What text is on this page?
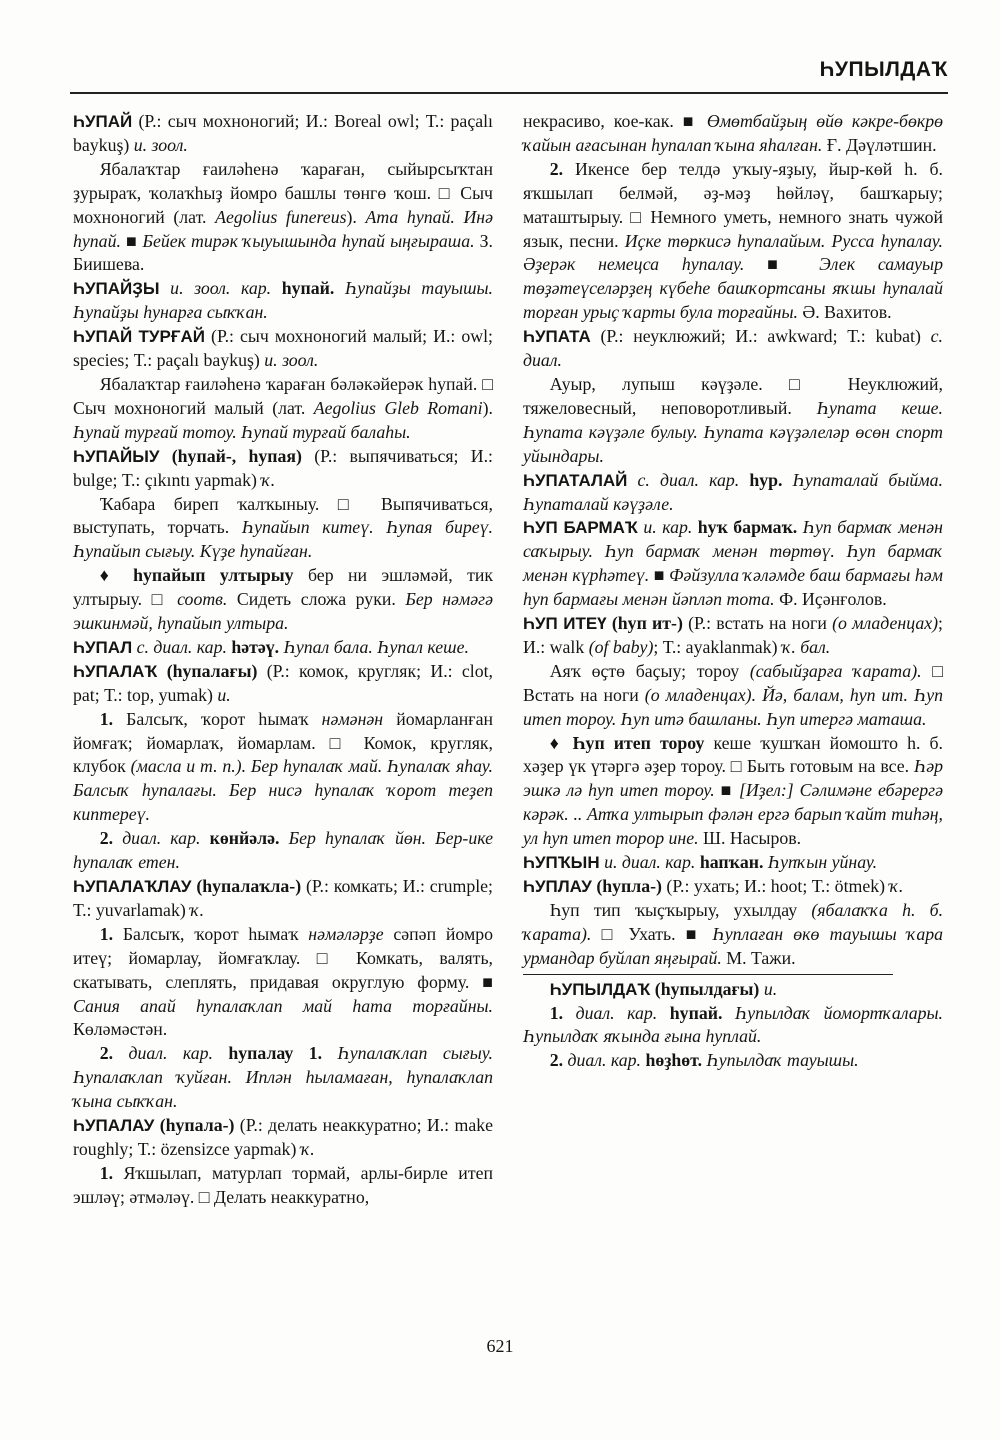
ҺУПЫЛДАҠ

ҺУПАЙ (Р.: сыч мохноногий; И.: Boreal owl; Т.: paçalı baykuş) и. зоол.

Ябалаҡтар ғаиләһенә ҡараған, сыйырсыҡтан ҙурыраҡ, ҡолаҡһыҙ йомро башлы төнгө ҡош. □ Сыч мохноногий (лат. Aegolius funereus). Ата һупай. Инә һупай. ■ Бейек тирәк ҡыуышында һупай ыңғыраша. З. Биишева.

ҺУПАЙҘЫ и. зоол. кар. һупай. Һупайҙы тауышы. Һупайҙы һунарға сыҡҡан.

ҺУПАЙ ТУРҒАЙ (Р.: сыч мохноногий малый; И.: owl; species; Т.: paçalı baykuş) и. зоол.

Ябалаҡтар ғаиләһенә ҡараған бәләкәйерәк һупай. □ Сыч мохноногий малый (лат. Aegolius Gleb Romani). Һупай турғай тотоу. Һупай турғай балаһы.

ҺУПАЙЫУ (һупай-, һупая) (Р.: выпячиваться; И.: bulge; Т.: çıkıntı yapmak) ҡ.

Ҡабара биреп ҡалҡыныу. □ Выпячиваться, выступать, торчать. Һупайып китеү. Һупая биреү. Һупайып сығыу. Күҙе һупайған.

♦ һупайып ултырыу бер ни эшләмәй, тик ултырыу. □ соотв. Сидеть сложа руки. Бер нәмәгә эшкинмәй, һупайып ултыра.

ҺУПАЛ с. диал. кар. һәтәү. Һупал бала. Һупал кеше.

ҺУПАЛАҠ (һупалағы) (Р.: комок, кругляк; И.: clot, pat; Т.: top, yumak) и.

1. Балсыҡ, ҡорот һымаҡ нәмәнән йомарланған йомғаҡ; йомарлаҡ, йомарлам. □ Комок, кругляк, клубок (масла и т. п.). Бер һупалаҡ май. Һупалаҡ яһау. Балсыҡ һупалағы. Бер нисә һупалаҡ ҡорот теҙеп киптереү.

2. диал. кар. көнйәлә. Бер һупалаҡ йөн. Бер-ике һупалаҡ етен.

ҺУПАЛАҠЛАУ (һупалаҡла-) (Р.: комкать; И.: crumple; Т.: yuvarlamak) ҡ.

1. Балсыҡ, ҡорот һымаҡ нәмәләрҙе сәпәп йомро итеү; йомарлау, йомғаҡлау. □ Комкать, валять, скатывать, слеплять, придавая округлую форму. ■ Сания апай һупалаҡлап май һата торғайны. Көләмәстән.

2. диал. кар. һупалау 1. Һупалаҡлап сығыу. Һупалаҡлап ҡуйған. Иплән һыламаған, һупалаҡлап ҡына сыҡҡан.

ҺУПАЛАУ (һупала-) (Р.: делать неаккуратно; И.: make roughly; Т.: özensizce yapmak) ҡ.

1. Яҡшылап, матурлап тормай, арлы-бирле итеп эшләү; әтмәләү. □ Делать неаккуратно,

некрасиво, кое-как. ■ Өмөтбайҙың өйө кәкре-бөкрө ҡайын ағасынан һупалап ҡына яһалған. Ғ. Дәүләтшин.

2. Икенсе бер телдә уҡыу-яҙыу, йыр-көй һ. б. яҡшылап белмәй, әҙ-мәҙ һөйләү, башҡарыу; маташтырыу. □ Немного уметь, немного знать чужой язык, песни. Иҫке төркисә һупалайым. Русса һупалау. Әҙерәк немецса һупалау. ■ Элек самауыр төҙәтеүселәрҙең күбеһе башҡортсаны яҡшы һупалай торған урыҫ ҡарты була торғайны. Ә. Вахитов.

ҺУПАТА (Р.: неуклюжий; И.: awkward; Т.: kubat) с. диал.

Ауыр, лупыш кәүҙәле. □ Неуклюжий, тяжеловесный, неповоротливый. Һупата кеше. Һупата кәүҙәле булыу. Һупата кәүҙәлеләр өсөн спорт уйындары.

ҺУПАТАЛАЙ с. диал. кар. һур. Һупаталай быйма. Һупаталай кәүҙәле.

ҺУП БАРМАҠ и. кар. һуҡ бармаҡ. Һуп бармаҡ менән саҡырыу. Һуп бармаҡ менән төртөү. Һуп бармаҡ менән күрһәтеү. ■ Фәйзулла ҡәләмде баш бармағы һәм һуп бармағы менән йәпләп тота. Ф. Иҫәнғолов.

ҺУП ИТЕҮ (һуп ит-) (Р.: встать на ноги (о младенцах); И.: walk (of baby); Т.: ayaklanmak) ҡ. бал.

Аяҡ өҫтө баҫыу; тороу (сабыйҙарға ҡарата). □ Встать на ноги (о младенцах). Йә, балам, һуп ит. Һуп итеп тороу. Һуп итә башланы. Һуп итергә маташа.

♦ Һуп итеп тороу кеше ҡушҡан йомошто һ. б. хәҙер үк үтәргә әҙер тороу. □ Быть готовым на все. Һәр эшкә лә һуп итеп тороу. ■ [Иҙел:] Сәлимәне ебәрергә кәрәк. .. Атҡа ултырып фәлән ергә барып ҡайт тиһәң, ул һуп итеп торор ине. Ш. Насыров.

ҺУПҠЫН и. диал. кар. һапҡан. Һупҡын уйнау.

ҺУПЛАУ (һупла-) (Р.: ухать; И.: hoot; Т.: ötmek) ҡ.

Һуп тип ҡыҫҡырыу, ухылдау (ябалаҡҡа һ. б. ҡарата). □ Ухать. ■ Һуплаған өкө тауышы ҡара урмандар буйлап яңғырай. М. Тажи.

ҺУПЫЛДАҠ (һупылдағы) и.

1. диал. кар. һупай. Һупылдаҡ йомортҡалары. Һупылдаҡ яҡында ғына һуплай.

2. диал. кар. һөҙһөт. Һупылдаҡ тауышы.

621
